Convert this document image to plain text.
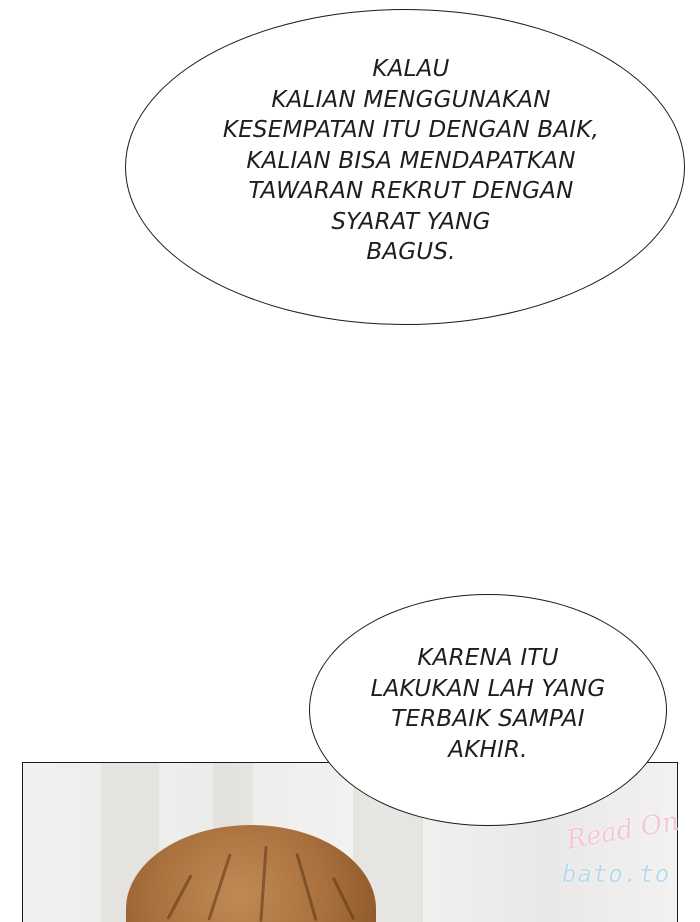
KALAU
KALIAN MENGGUNAKAN
KESEMPATAN ITU DENGAN BAIK,
KALIAN BISA MENDAPATKAN
TAWARAN REKRUT DENGAN
SYARAT YANG
BAGUS.
KARENA ITU
LAKUKAN LAH YANG
TERBAIK SAMPAI
AKHIR.
Read On
bato.to
